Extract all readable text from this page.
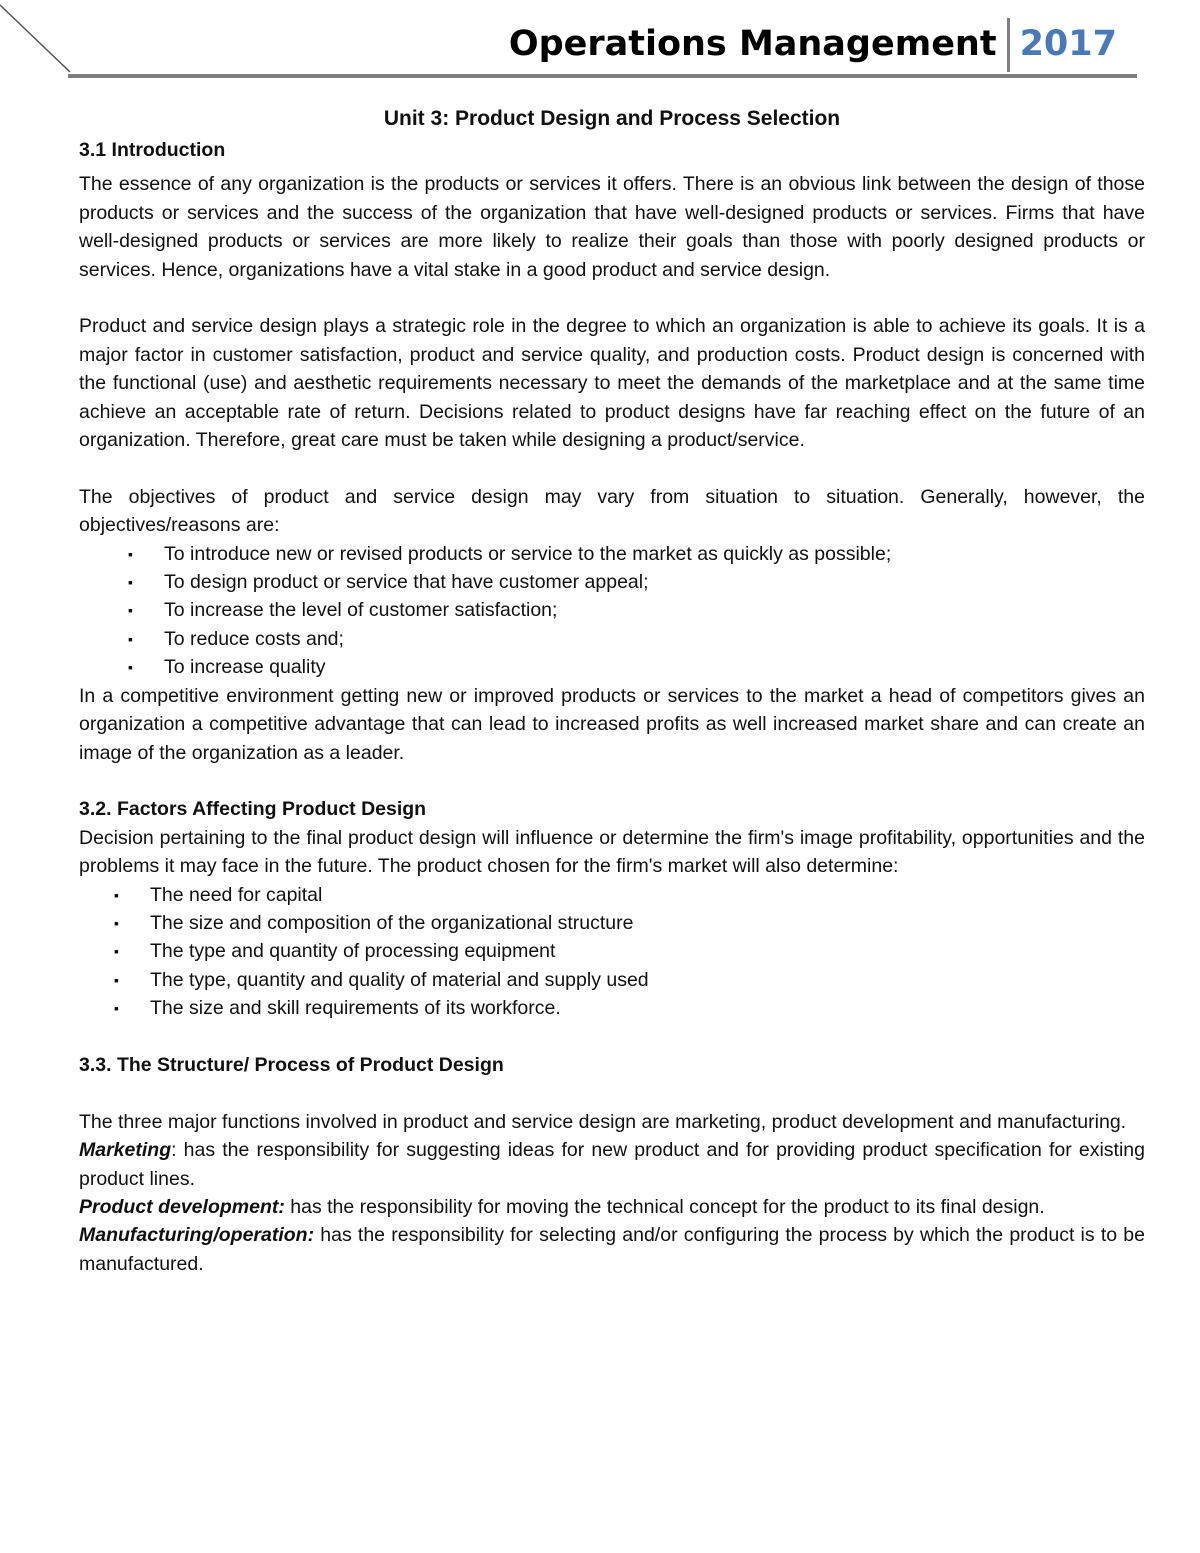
Operations Management 2017
Unit 3: Product Design and Process Selection
3.1 Introduction

The essence of any organization is the products or services it offers. There is an obvious link between the design of those products or services and the success of the organization that have well-designed products or services. Firms that have well-designed products or services are more likely to realize their goals than those with poorly designed products or services. Hence, organizations have a vital stake in a good product and service design.

Product and service design plays a strategic role in the degree to which an organization is able to achieve its goals. It is a major factor in customer satisfaction, product and service quality, and production costs. Product design is concerned with the functional (use) and aesthetic requirements necessary to meet the demands of the marketplace and at the same time achieve an acceptable rate of return. Decisions related to product designs have far reaching effect on the future of an organization. Therefore, great care must be taken while designing a product/service.

The objectives of product and service design may vary from situation to situation. Generally, however, the objectives/reasons are:

▪ To introduce new or revised products or service to the market as quickly as possible;
▪ To design product or service that have customer appeal;
▪ To increase the level of customer satisfaction;
▪ To reduce costs and;
▪ To increase quality

In a competitive environment getting new or improved products or services to the market a head of competitors gives an organization a competitive advantage that can lead to increased profits as well increased market share and can create an image of the organization as a leader.

3.2. Factors Affecting Product Design

Decision pertaining to the final product design will influence or determine the firm's image profitability, opportunities and the problems it may face in the future. The product chosen for the firm's market will also determine:

▪ The need for capital
▪ The size and composition of the organizational structure
▪ The type and quantity of processing equipment
▪ The type, quantity and quality of material and supply used
▪ The size and skill requirements of its workforce.
3.3. The Structure/ Process of Product Design

The three major functions involved in product and service design are marketing, product development and manufacturing.

Marketing: has the responsibility for suggesting ideas for new product and for providing product specification for existing product lines.

Product development: has the responsibility for moving the technical concept for the product to its final design.

Manufacturing/operation: has the responsibility for selecting and/or configuring the process by which the product is to be manufactured.
